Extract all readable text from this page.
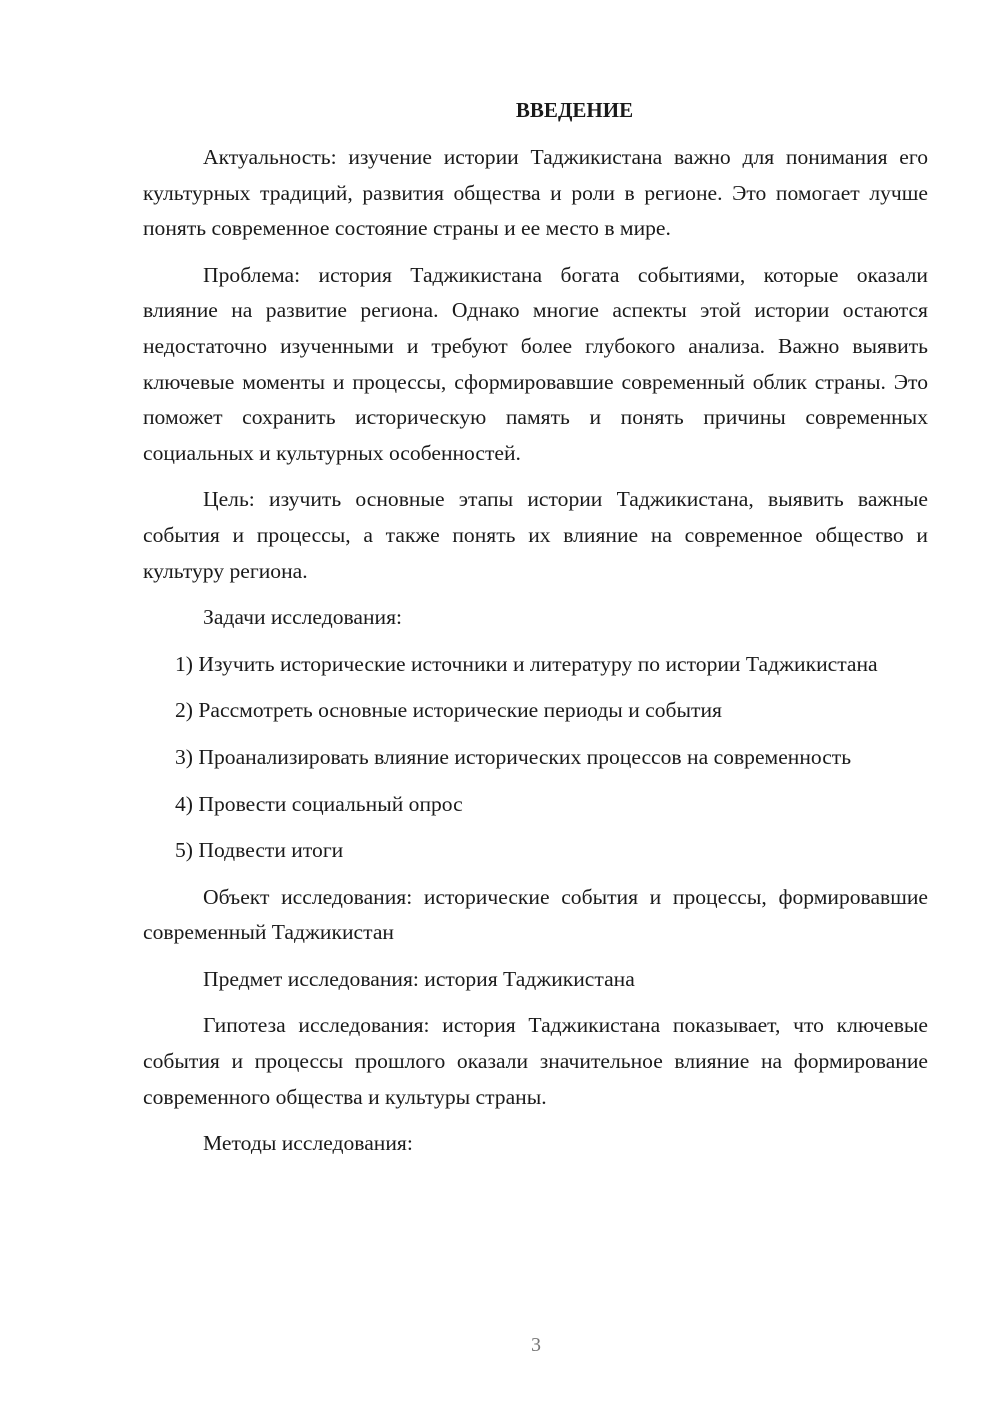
ВВЕДЕНИЕ

Актуальность: изучение истории Таджикистана важно для понимания его культурных традиций, развития общества и роли в регионе. Это помогает лучше понять современное состояние страны и ее место в мире.

Проблема: история Таджикистана богата событиями, которые оказали влияние на развитие региона. Однако многие аспекты этой истории остаются недостаточно изученными и требуют более глубокого анализа. Важно выявить ключевые моменты и процессы, сформировавшие современный облик страны. Это поможет сохранить историческую память и понять причины современных социальных и культурных особенностей.

Цель: изучить основные этапы истории Таджикистана, выявить важные события и процессы, а также понять их влияние на современное общество и культуру региона.

Задачи исследования:

1) Изучить исторические источники и литературу по истории Таджикистана

2) Рассмотреть основные исторические периоды и события

3) Проанализировать влияние исторических процессов на современность

4) Провести социальный опрос

5) Подвести итоги

Объект исследования: исторические события и процессы, формировавшие современный Таджикистан

Предмет исследования: история Таджикистана

Гипотеза исследования: история Таджикистана показывает, что ключевые события и процессы прошлого оказали значительное влияние на формирование современного общества и культуры страны.

Методы исследования:

3
